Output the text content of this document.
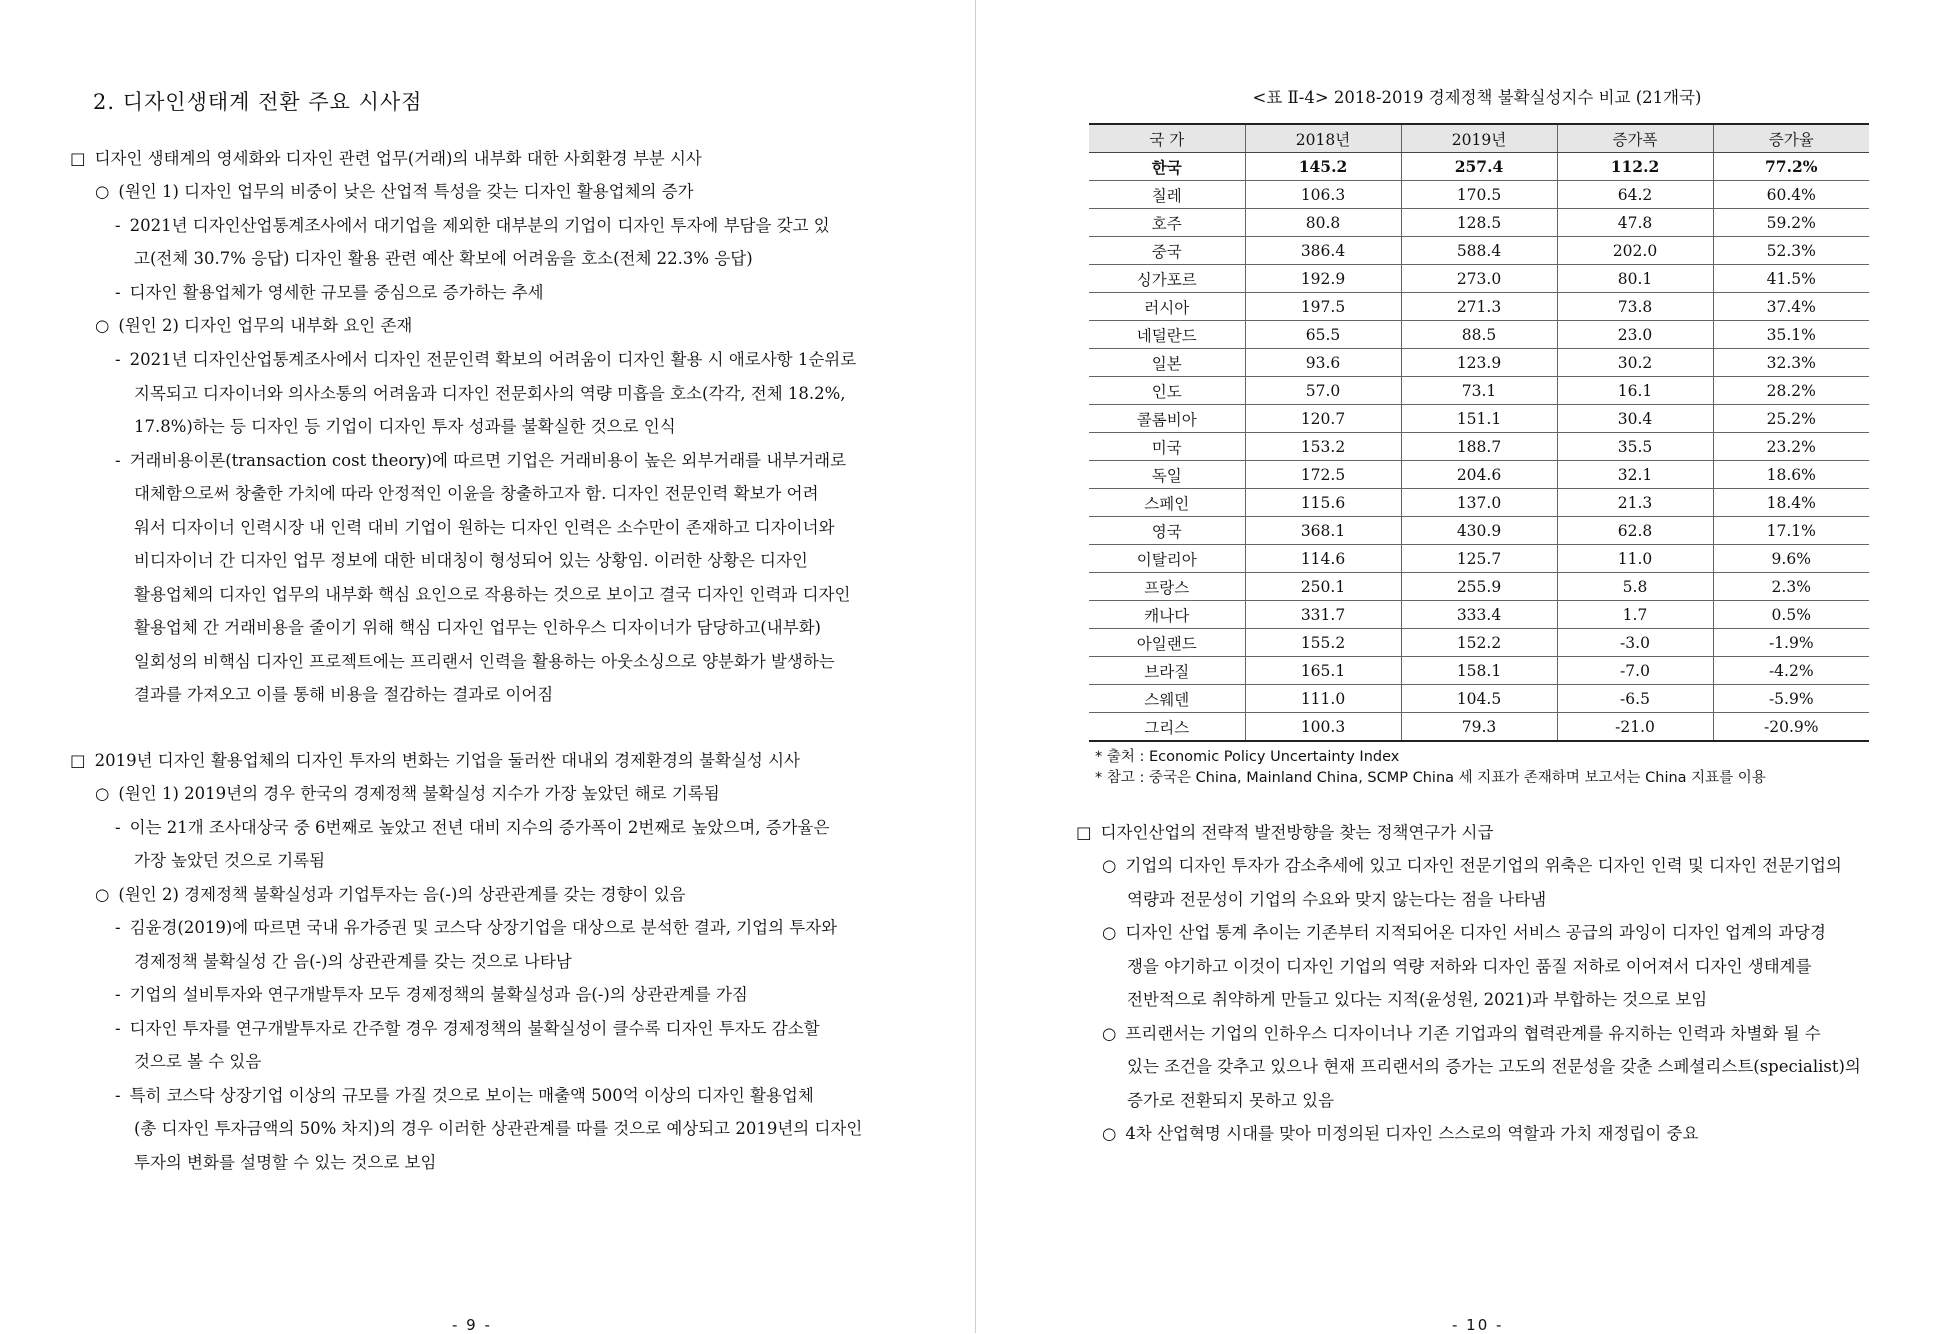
2. 디자인생태계 전환 주요 시사점
□ 디자인 생태계의 영세화와 디자인 관련 업무(거래)의 내부화 대한 사회환경 부분 시사
○ (원인 1) 디자인 업무의 비중이 낮은 산업적 특성을 갖는 디자인 활용업체의 증가
- 2021년 디자인산업통계조사에서 대기업을 제외한 대부분의 기업이 디자인 투자에 부담을 갖고 있
고(전체 30.7% 응답) 디자인 활용 관련 예산 확보에 어려움을 호소(전체 22.3% 응답)
- 디자인 활용업체가 영세한 규모를 중심으로 증가하는 추세
○ (원인 2) 디자인 업무의 내부화 요인 존재
- 2021년 디자인산업통계조사에서 디자인 전문인력 확보의 어려움이 디자인 활용 시 애로사항 1순위로
지목되고 디자이너와 의사소통의 어려움과 디자인 전문회사의 역량 미흡을 호소(각각, 전체 18.2%,
17.8%)하는 등 디자인 등 기업이 디자인 투자 성과를 불확실한 것으로 인식
- 거래비용이론(transaction cost theory)에 따르면 기업은 거래비용이 높은 외부거래를 내부거래로
대체함으로써 창출한 가치에 따라 안정적인 이윤을 창출하고자 함. 디자인 전문인력 확보가 어려
워서 디자이너 인력시장 내 인력 대비 기업이 원하는 디자인 인력은 소수만이 존재하고 디자이너와
비디자이너 간 디자인 업무 정보에 대한 비대칭이 형성되어 있는 상황임. 이러한 상황은 디자인
활용업체의 디자인 업무의 내부화 핵심 요인으로 작용하는 것으로 보이고 결국 디자인 인력과 디자인
활용업체 간 거래비용을 줄이기 위해 핵심 디자인 업무는 인하우스 디자이너가 담당하고(내부화)
일회성의 비핵심 디자인 프로젝트에는 프리랜서 인력을 활용하는 아웃소싱으로 양분화가 발생하는
결과를 가져오고 이를 통해 비용을 절감하는 결과로 이어짐
□ 2019년 디자인 활용업체의 디자인 투자의 변화는 기업을 둘러싼 대내외 경제환경의 불확실성 시사
○ (원인 1) 2019년의 경우 한국의 경제정책 불확실성 지수가 가장 높았던 해로 기록됨
- 이는 21개 조사대상국 중 6번째로 높았고 전년 대비 지수의 증가폭이 2번째로 높았으며, 증가율은
가장 높았던 것으로 기록됨
○ (원인 2) 경제정책 불확실성과 기업투자는 음(-)의 상관관계를 갖는 경향이 있음
- 김윤경(2019)에 따르면 국내 유가증권 및 코스닥 상장기업을 대상으로 분석한 결과, 기업의 투자와
경제정책 불확실성 간 음(-)의 상관관계를 갖는 것으로 나타남
- 기업의 설비투자와 연구개발투자 모두 경제정책의 불확실성과 음(-)의 상관관계를 가짐
- 디자인 투자를 연구개발투자로 간주할 경우 경제정책의 불확실성이 클수록 디자인 투자도 감소할
것으로 볼 수 있음
- 특히 코스닥 상장기업 이상의 규모를 가질 것으로 보이는 매출액 500억 이상의 디자인 활용업체
(총 디자인 투자금액의 50% 차지)의 경우 이러한 상관관계를 따를 것으로 예상되고 2019년의 디자인
투자의 변화를 설명할 수 있는 것으로 보임
- 9 -
<표 Ⅱ-4> 2018-2019 경제정책 불확실성지수 비교 (21개국)
국 가	2018년	2019년	증가폭	증가율
한국	145.2	257.4	112.2	77.2%
칠레	106.3	170.5	64.2	60.4%
호주	80.8	128.5	47.8	59.2%
중국	386.4	588.4	202.0	52.3%
싱가포르	192.9	273.0	80.1	41.5%
러시아	197.5	271.3	73.8	37.4%
네덜란드	65.5	88.5	23.0	35.1%
일본	93.6	123.9	30.2	32.3%
인도	57.0	73.1	16.1	28.2%
콜롬비아	120.7	151.1	30.4	25.2%
미국	153.2	188.7	35.5	23.2%
독일	172.5	204.6	32.1	18.6%
스페인	115.6	137.0	21.3	18.4%
영국	368.1	430.9	62.8	17.1%
이탈리아	114.6	125.7	11.0	9.6%
프랑스	250.1	255.9	5.8	2.3%
캐나다	331.7	333.4	1.7	0.5%
아일랜드	155.2	152.2	-3.0	-1.9%
브라질	165.1	158.1	-7.0	-4.2%
스웨덴	111.0	104.5	-6.5	-5.9%
그리스	100.3	79.3	-21.0	-20.9%
* 출처 : Economic Policy Uncertainty Index
* 참고 : 중국은 China, Mainland China, SCMP China 세 지표가 존재하며 보고서는 China 지표를 이용
□ 디자인산업의 전략적 발전방향을 찾는 정책연구가 시급
○ 기업의 디자인 투자가 감소추세에 있고 디자인 전문기업의 위축은 디자인 인력 및 디자인 전문기업의
역량과 전문성이 기업의 수요와 맞지 않는다는 점을 나타냄
○ 디자인 산업 통계 추이는 기존부터 지적되어온 디자인 서비스 공급의 과잉이 디자인 업계의 과당경
쟁을 야기하고 이것이 디자인 기업의 역량 저하와 디자인 품질 저하로 이어져서 디자인 생태계를
전반적으로 취약하게 만들고 있다는 지적(윤성원, 2021)과 부합하는 것으로 보임
○ 프리랜서는 기업의 인하우스 디자이너나 기존 기업과의 협력관계를 유지하는 인력과 차별화 될 수
있는 조건을 갖추고 있으나 현재 프리랜서의 증가는 고도의 전문성을 갖춘 스페셜리스트(specialist)의
증가로 전환되지 못하고 있음
○ 4차 산업혁명 시대를 맞아 미정의된 디자인 스스로의 역할과 가치 재정립이 중요
- 10 -
